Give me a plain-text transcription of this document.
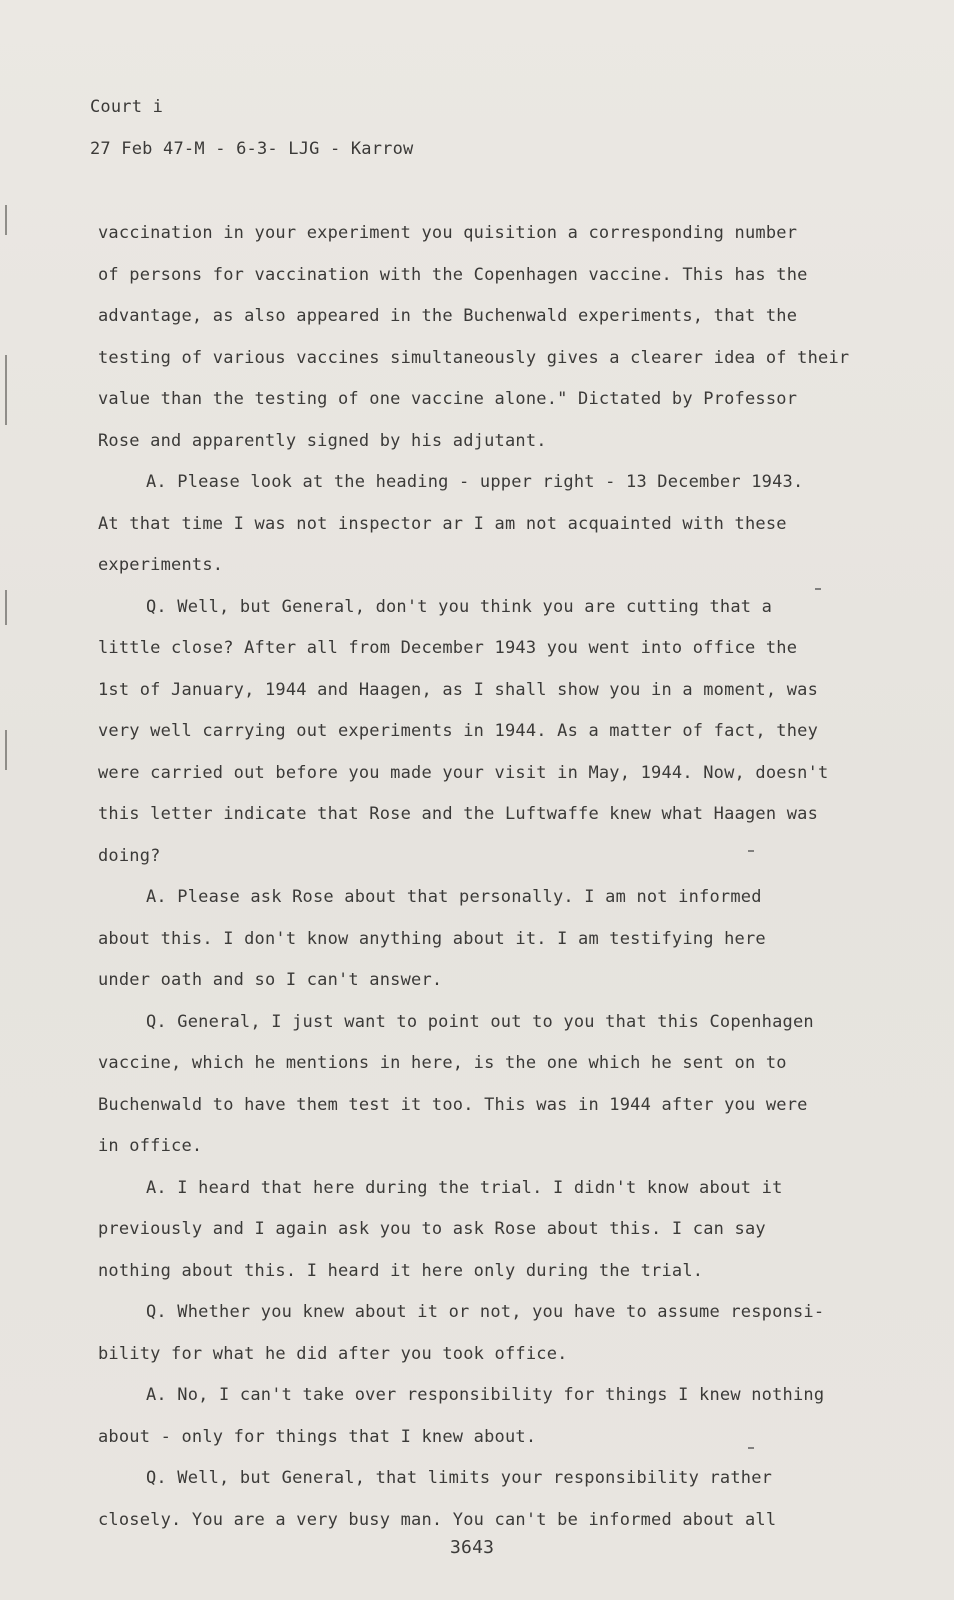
Court i
27 Feb 47-M - 6-3- LJG - Karrow
vaccination in your experiment you quisition a corresponding number
of persons for vaccination with the Copenhagen vaccine. This has the
advantage, as also appeared in the Buchenwald experiments, that the
testing of various vaccines simultaneously gives a clearer idea of their
value than the testing of one vaccine alone." Dictated by Professor
Rose and apparently signed by his adjutant.
A. Please look at the heading - upper right - 13 December 1943.
At that time I was not inspector ar I am not acquainted with these
experiments.
Q. Well, but General, don't you think you are cutting that a
little close? After all from December 1943 you went into office the
1st of January, 1944 and Haagen, as I shall show you in a moment, was
very well carrying out experiments in 1944. As a matter of fact, they
were carried out before you made your visit in May, 1944. Now, doesn't
this letter indicate that Rose and the Luftwaffe knew what Haagen was
doing?
A. Please ask Rose about that personally. I am not informed
about this. I don't know anything about it. I am testifying here
under oath and so I can't answer.
Q. General, I just want to point out to you that this Copenhagen
vaccine, which he mentions in here, is the one which he sent on to
Buchenwald to have them test it too. This was in 1944 after you were
in office.
A. I heard that here during the trial. I didn't know about it
previously and I again ask you to ask Rose about this. I can say
nothing about this. I heard it here only during the trial.
Q. Whether you knew about it or not, you have to assume responsi-
bility for what he did after you took office.
A. No, I can't take over responsibility for things I knew nothing
about - only for things that I knew about.
Q. Well, but General, that limits your responsibility rather
closely. You are a very busy man. You can't be informed about all
3643
